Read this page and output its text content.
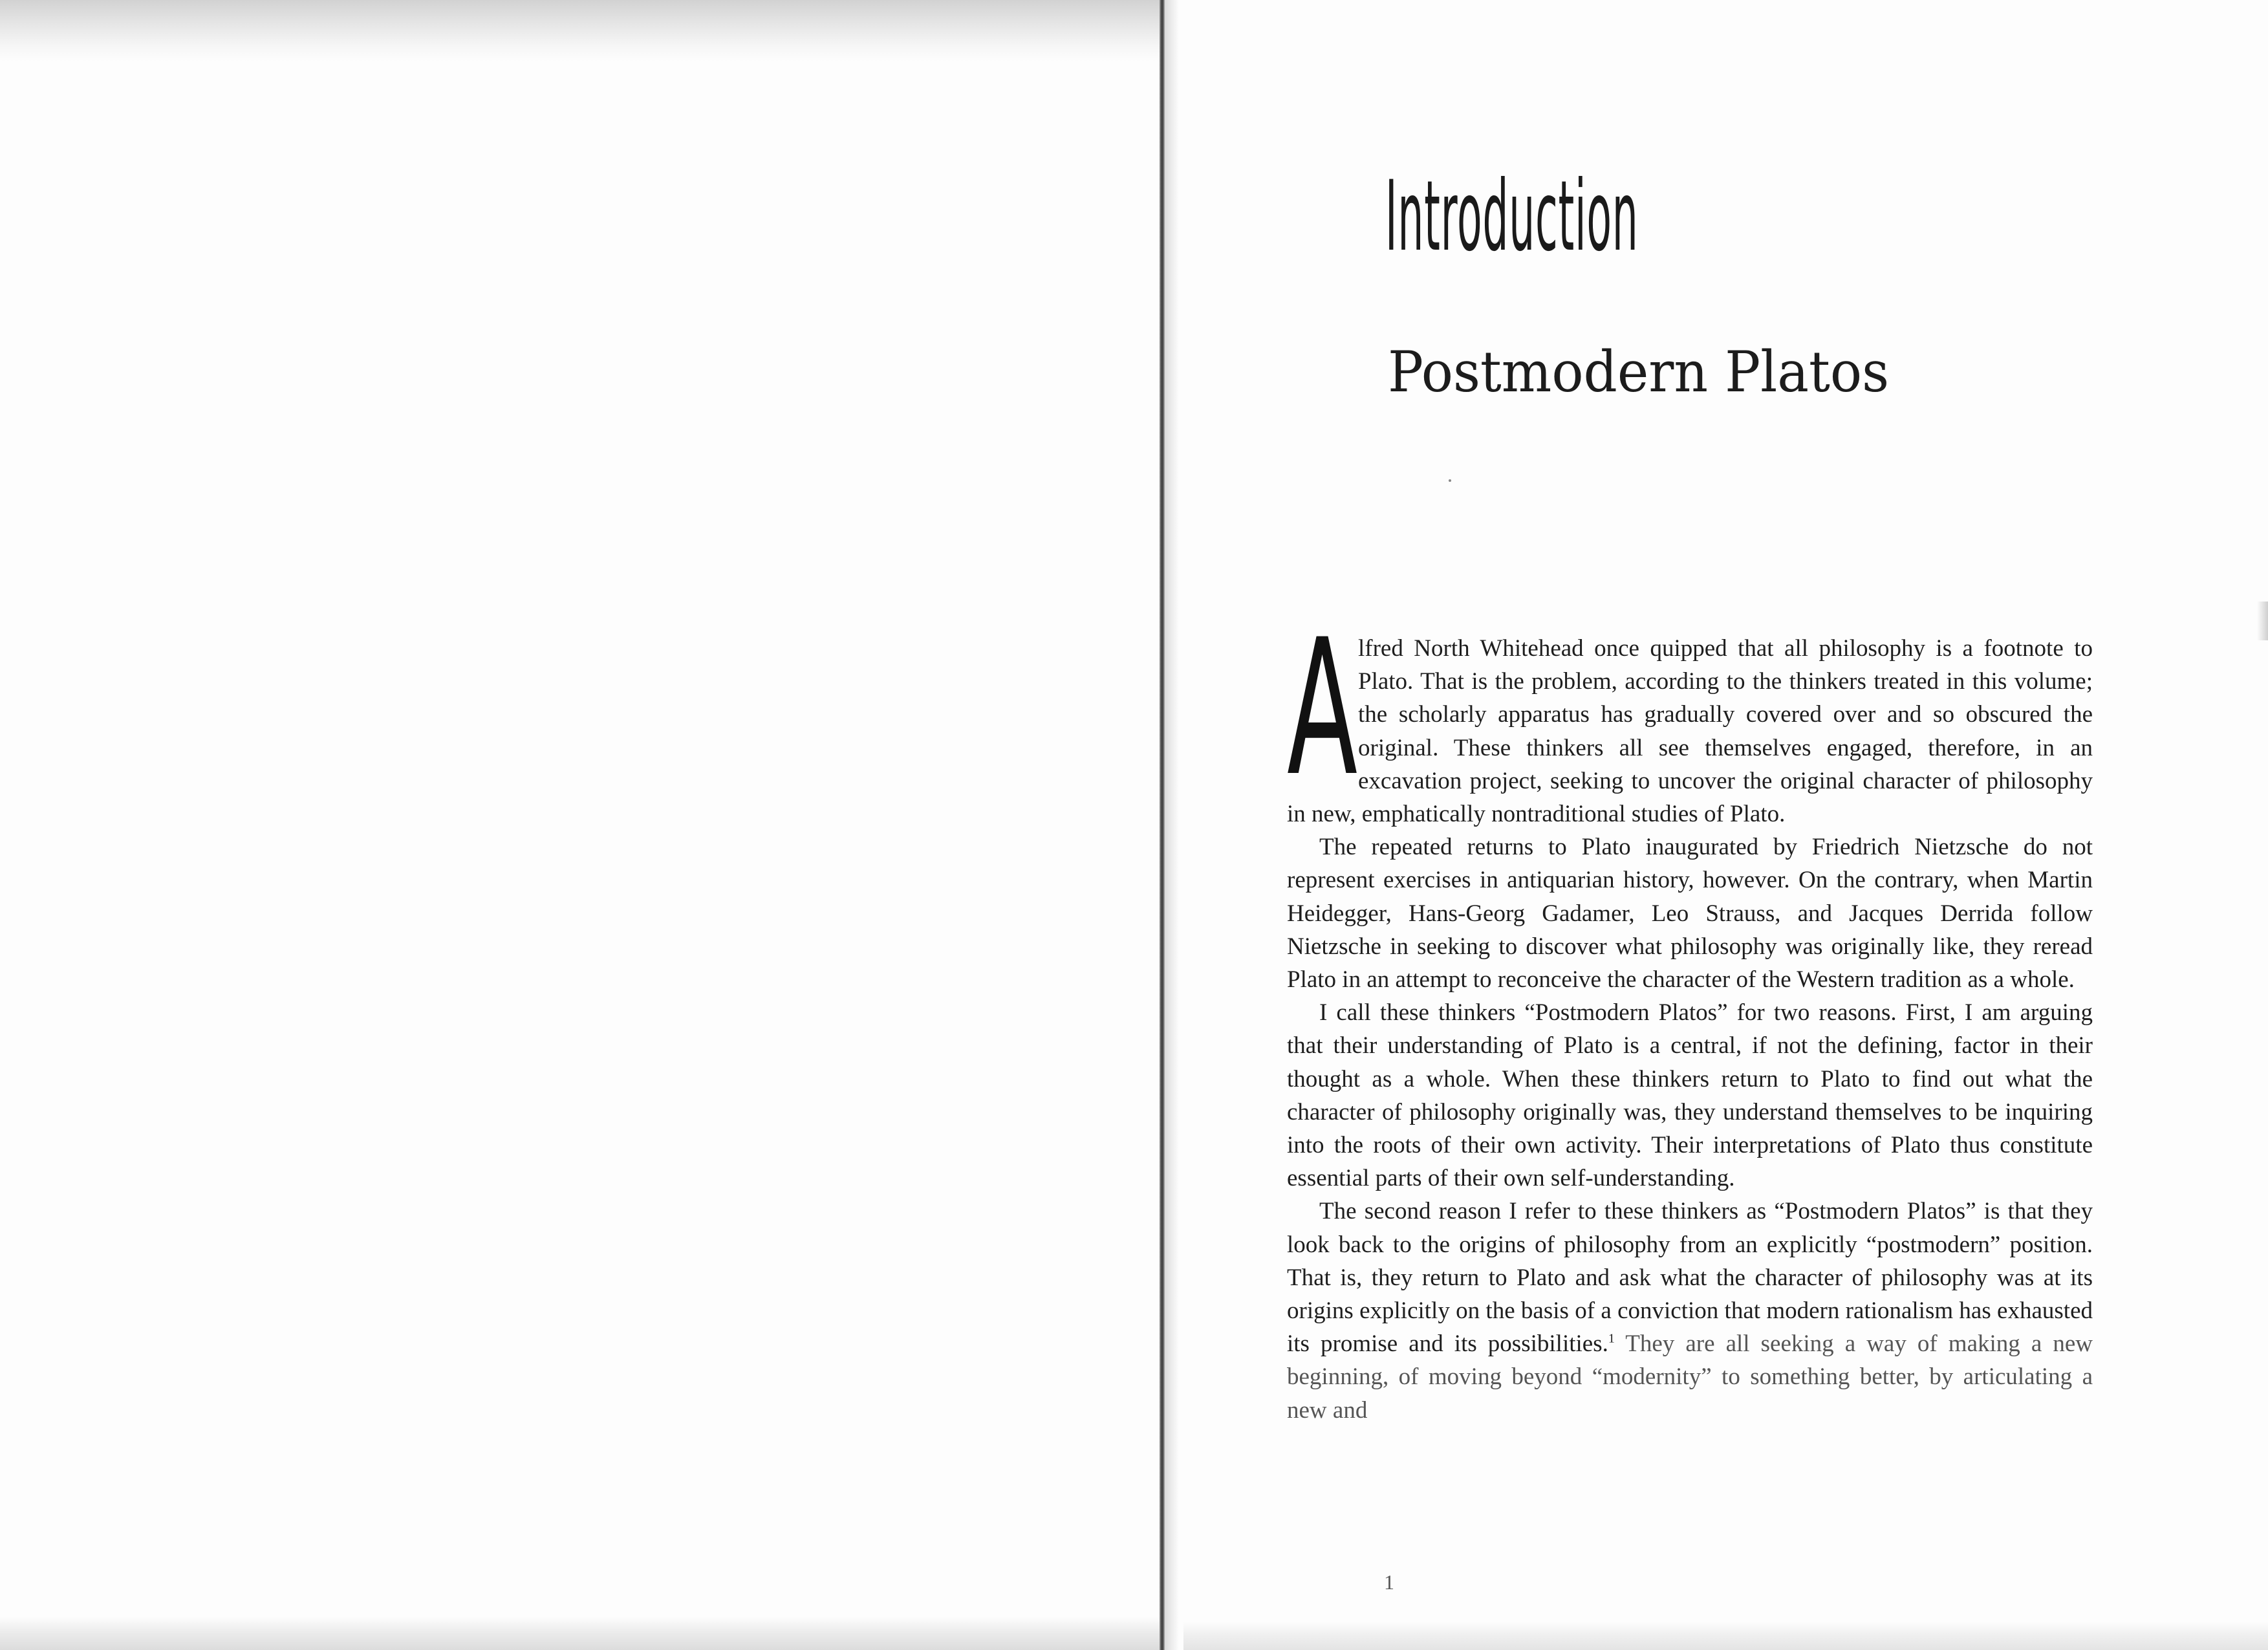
Introduction
Postmodern Platos

Alfred North Whitehead once quipped that all philosophy is a footnote to Plato. That is the problem, according to the thinkers treated in this volume; the scholarly apparatus has gradually covered over and so obscured the original. These thinkers all see themselves engaged, therefore, in an excavation project, seeking to uncover the original character of philosophy in new, emphatically nontraditional studies of Plato.

The repeated returns to Plato inaugurated by Friedrich Nietzsche do not represent exercises in antiquarian history, however. On the contrary, when Martin Heidegger, Hans-Georg Gadamer, Leo Strauss, and Jacques Derrida follow Nietzsche in seeking to discover what philosophy was originally like, they reread Plato in an attempt to reconceive the character of the Western tradition as a whole.

I call these thinkers “Postmodern Platos” for two reasons. First, I am arguing that their understanding of Plato is a central, if not the defining, factor in their thought as a whole. When these thinkers return to Plato to find out what the character of philosophy originally was, they understand themselves to be inquiring into the roots of their own activity. Their interpretations of Plato thus constitute essential parts of their own self-understanding.

The second reason I refer to these thinkers as “Postmodern Platos” is that they look back to the origins of philosophy from an explicitly “postmodern” position. That is, they return to Plato and ask what the character of philosophy was at its origins explicitly on the basis of a conviction that modern rationalism has exhausted its promise and its possibilities.$^1$ They are all seeking a way of making a new beginning, of moving beyond “modernity” to something better, by articulating a new and

1
